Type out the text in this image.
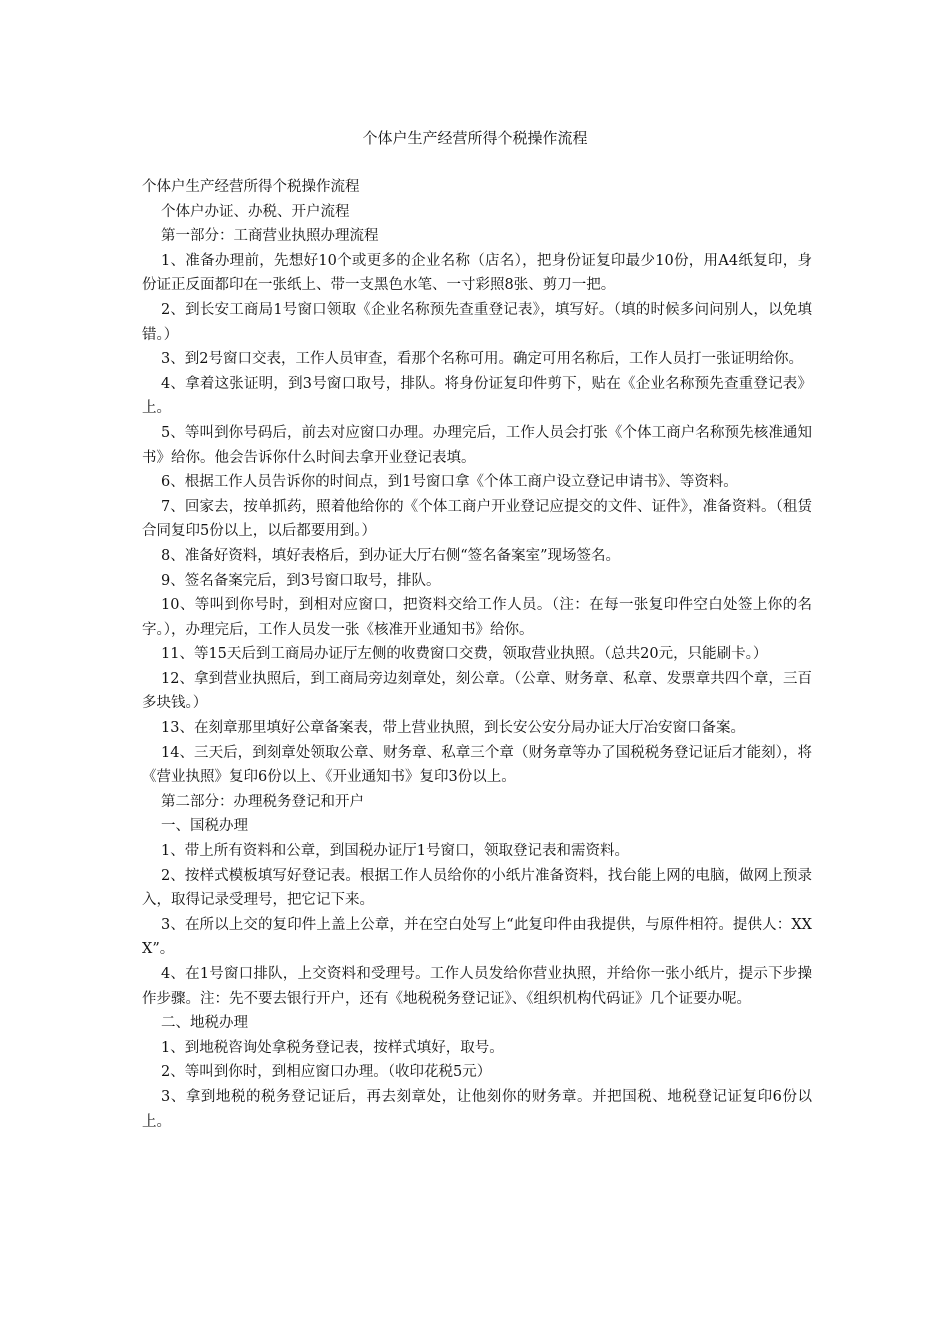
个体户生产经营所得个税操作流程

个体户生产经营所得个税操作流程

个体户办证、办税、开户流程

第一部分：工商营业执照办理流程

1、准备办理前，先想好10个或更多的企业名称（店名），把身份证复印最少10份，用A4纸复印，身份证正反面都印在一张纸上、带一支黑色水笔、一寸彩照8张、剪刀一把。

2、到长安工商局1号窗口领取《企业名称预先查重登记表》，填写好。（填的时候多问问别人，以免填错。）

3、到2号窗口交表，工作人员审查，看那个名称可用。确定可用名称后，工作人员打一张证明给你。

4、拿着这张证明，到3号窗口取号，排队。将身份证复印件剪下，贴在《企业名称预先查重登记表》上。

5、等叫到你号码后，前去对应窗口办理。办理完后，工作人员会打张《个体工商户名称预先核准通知书》给你。他会告诉你什么时间去拿开业登记表填。

6、根据工作人员告诉你的时间点，到1号窗口拿《个体工商户设立登记申请书》、等资料。

7、回家去，按单抓药，照着他给你的《个体工商户开业登记应提交的文件、证件》，准备资料。（租赁合同复印5份以上，以后都要用到。）

8、准备好资料，填好表格后，到办证大厅右侧“签名备案室”现场签名。

9、签名备案完后，到3号窗口取号，排队。

10、等叫到你号时，到相对应窗口，把资料交给工作人员。（注：在每一张复印件空白处签上你的名字。），办理完后，工作人员发一张《核准开业通知书》给你。

11、等15天后到工商局办证厅左侧的收费窗口交费，领取营业执照。（总共20元，只能刷卡。）

12、拿到营业执照后，到工商局旁边刻章处，刻公章。（公章、财务章、私章、发票章共四个章，三百多块钱。）

13、在刻章那里填好公章备案表，带上营业执照，到长安公安分局办证大厅冶安窗口备案。

14、三天后，到刻章处领取公章、财务章、私章三个章（财务章等办了国税税务登记证后才能刻），将《营业执照》复印6份以上、《开业通知书》复印3份以上。

第二部分：办理税务登记和开户

一、国税办理

1、带上所有资料和公章，到国税办证厅1号窗口，领取登记表和需资料。

2、按样式模板填写好登记表。根据工作人员给你的小纸片准备资料，找台能上网的电脑，做网上预录入，取得记录受理号，把它记下来。

3、在所以上交的复印件上盖上公章，并在空白处写上“此复印件由我提供，与原件相符。提供人：XXX”。

4、在1号窗口排队，上交资料和受理号。工作人员发给你营业执照，并给你一张小纸片，提示下步操作步骤。注：先不要去银行开户，还有《地税税务登记证》、《组织机构代码证》几个证要办呢。

二、地税办理

1、到地税咨询处拿税务登记表，按样式填好，取号。

2、等叫到你时，到相应窗口办理。（收印花税5元）

3、拿到地税的税务登记证后，再去刻章处，让他刻你的财务章。并把国税、地税登记证复印6份以上。
